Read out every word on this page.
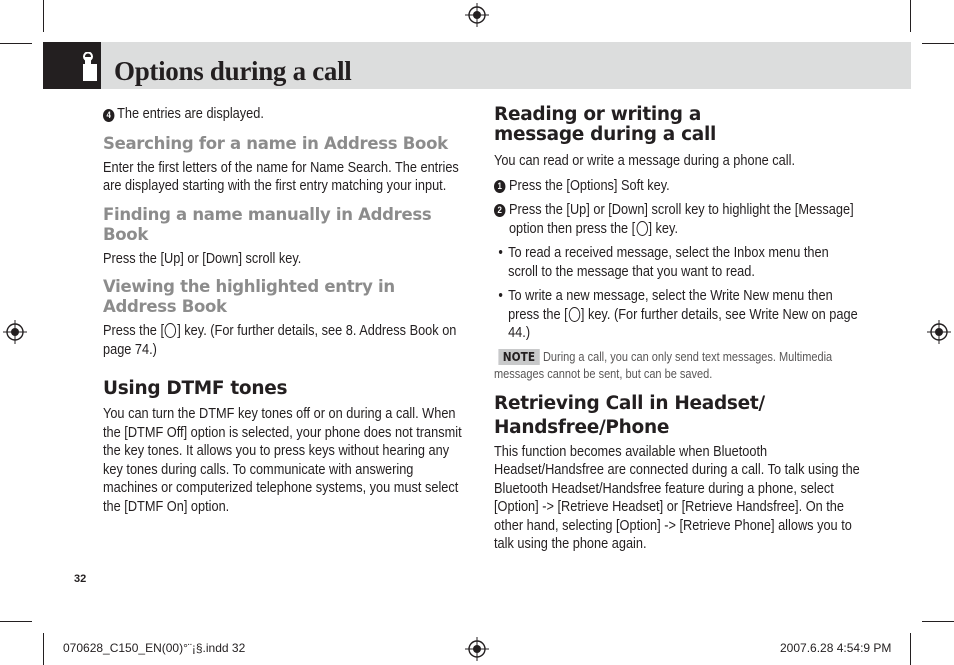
Options during a call
4 The entries are displayed.
Searching for a name in Address Book
Enter the first letters of the name for Name Search. The entries are displayed starting with the first entry matching your input.
Finding a name manually in Address Book
Press the [Up] or [Down] scroll key.
Viewing the highlighted entry in Address Book
Press the [ ] key. (For further details, see 8. Address Book on page 74.)
Using DTMF tones
You can turn the DTMF key tones off or on during a call. When the [DTMF Off] option is selected, your phone does not transmit the key tones. It allows you to press keys without hearing any key tones during calls. To communicate with answering machines or computerized telephone systems, you must select the [DTMF On] option.
Reading or writing a message during a call
You can read or write a message during a phone call.
1 Press the [Options] Soft key.
2 Press the [Up] or [Down] scroll key to highlight the [Message] option then press the [ ] key.
• To read a received message, select the Inbox menu then scroll to the message that you want to read.
• To write a new message, select the Write New menu then press the [ ] key. (For further details, see Write New on page 44.)
NOTE During a call, you can only send text messages. Multimedia messages cannot be sent, but can be saved.
Retrieving Call in Headset/ Handsfree/Phone
This function becomes available when Bluetooth Headset/Handsfree are connected during a call. To talk using the Bluetooth Headset/Handsfree feature during a phone, select [Option] -> [Retrieve Headset] or [Retrieve Handsfree]. On the other hand, selecting [Option] -> [Retrieve Phone] allows you to talk using the phone again.
32
070628_C150_EN(00)°¨¡§.indd 32	2007.6.28 4:54:9 PM
